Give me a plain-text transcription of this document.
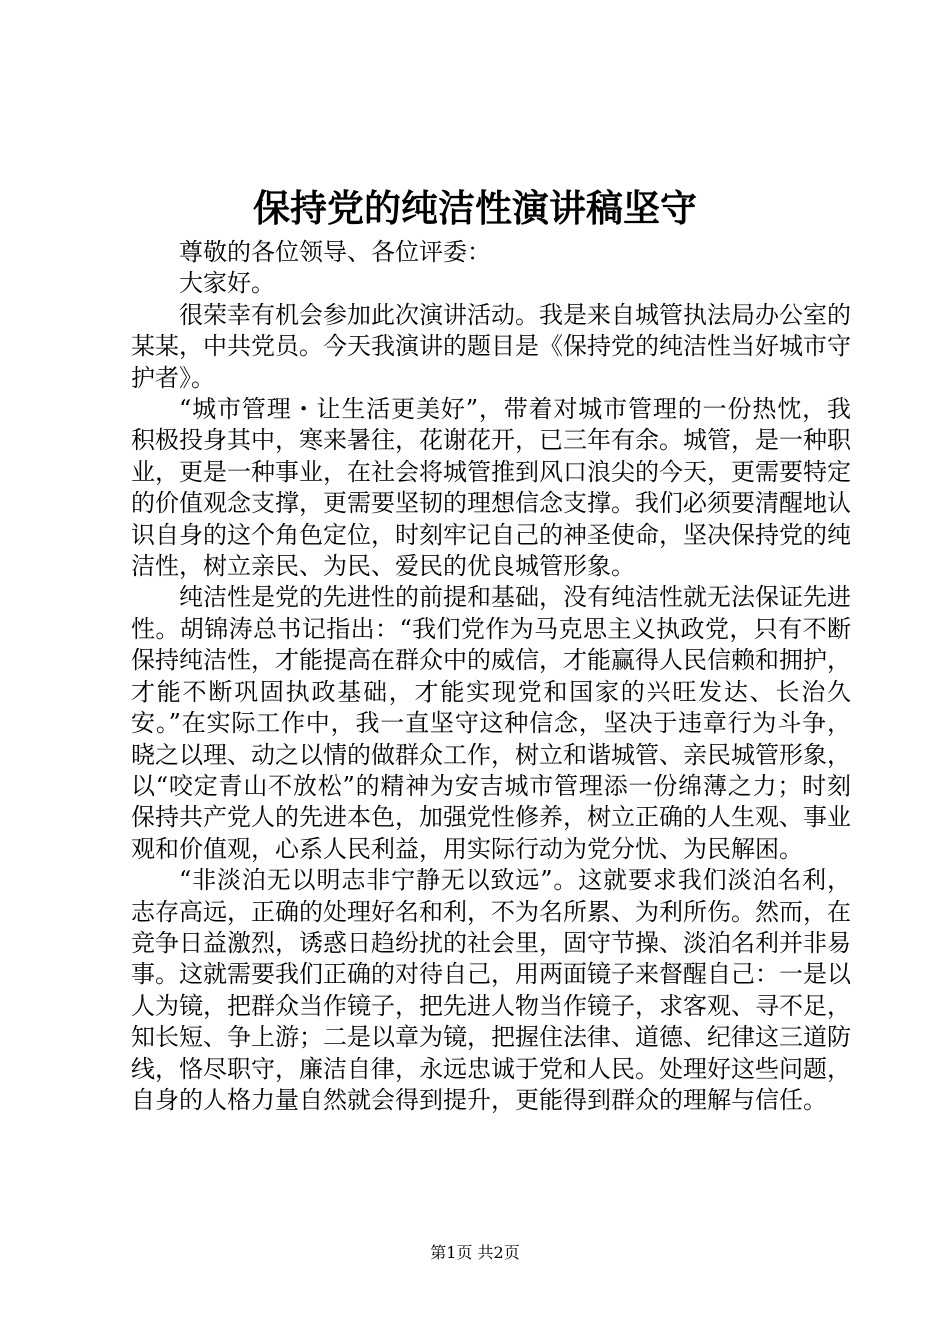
保持党的纯洁性演讲稿坚守

尊敬的各位领导、各位评委：

大家好。

很荣幸有机会参加此次演讲活动。我是来自城管执法局办公室的某某，中共党员。今天我演讲的题目是《保持党的纯洁性当好城市守护者》。

“城市管理・让生活更美好”，带着对城市管理的一份热忱，我积极投身其中，寒来暑往，花谢花开，已三年有余。城管，是一种职业，更是一种事业，在社会将城管推到风口浪尖的今天，更需要特定的价值观念支撑，更需要坚韧的理想信念支撑。我们必须要清醒地认识自身的这个角色定位，时刻牢记自己的神圣使命，坚决保持党的纯洁性，树立亲民、为民、爱民的优良城管形象。

纯洁性是党的先进性的前提和基础，没有纯洁性就无法保证先进性。胡锦涛总书记指出：“我们党作为马克思主义执政党，只有不断保持纯洁性，才能提高在群众中的威信，才能赢得人民信赖和拥护，才能不断巩固执政基础，才能实现党和国家的兴旺发达、长治久安。”在实际工作中，我一直坚守这种信念，坚决于违章行为斗争，晓之以理、动之以情的做群众工作，树立和谐城管、亲民城管形象，以“咬定青山不放松”的精神为安吉城市管理添一份绵薄之力；时刻保持共产党人的先进本色，加强党性修养，树立正确的人生观、事业观和价值观，心系人民利益，用实际行动为党分忧、为民解困。

“非淡泊无以明志非宁静无以致远”。这就要求我们淡泊名利，志存高远，正确的处理好名和利，不为名所累、为利所伤。然而，在竞争日益激烈，诱惑日趋纷扰的社会里，固守节操、淡泊名利并非易事。这就需要我们正确的对待自己，用两面镜子来督醒自己：一是以人为镜，把群众当作镜子，把先进人物当作镜子，求客观、寻不足，知长短、争上游；二是以章为镜，把握住法律、道德、纪律这三道防线，恪尽职守，廉洁自律，永远忠诚于党和人民。处理好这些问题，自身的人格力量自然就会得到提升，更能得到群众的理解与信任。

第1页 共2页
